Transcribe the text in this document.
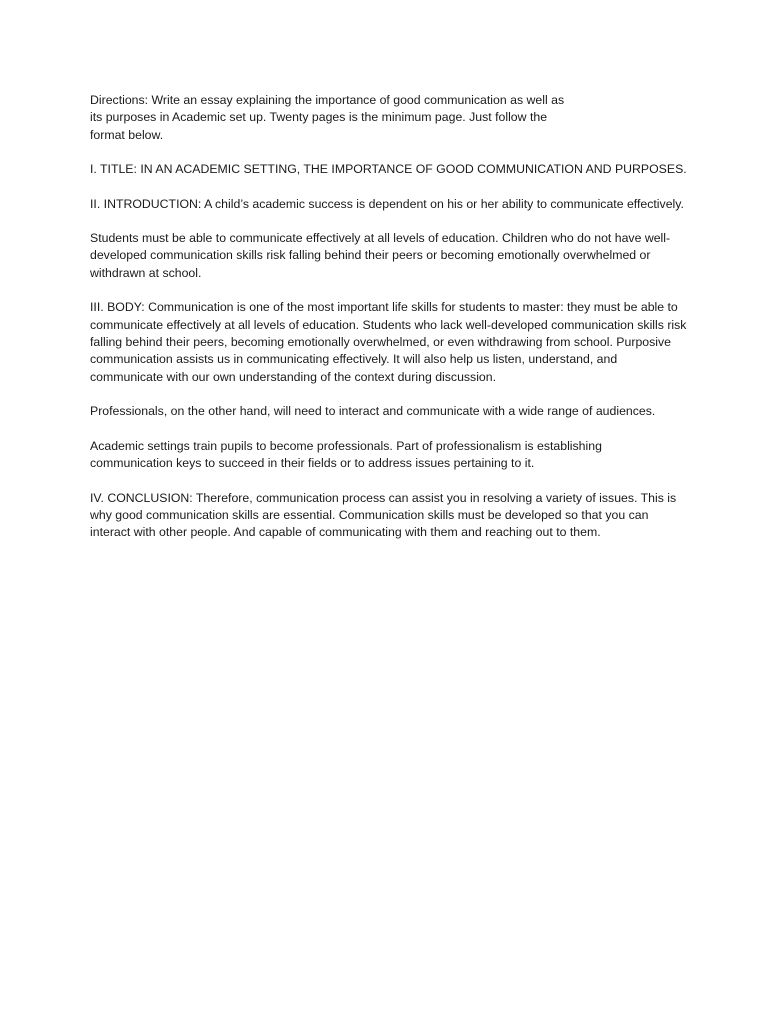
Directions: Write an essay explaining the importance of good communication as well as
its purposes in Academic set up. Twenty pages is the minimum page. Just follow the
format below.

I. TITLE: IN AN ACADEMIC SETTING, THE IMPORTANCE OF GOOD COMMUNICATION AND PURPOSES.

II. INTRODUCTION: A child’s academic success is dependent on his or her ability to communicate effectively.

Students must be able to communicate effectively at all levels of education. Children who do not have well-developed communication skills risk falling behind their peers or becoming emotionally overwhelmed or withdrawn at school.

III. BODY: Communication is one of the most important life skills for students to master: they must be able to communicate effectively at all levels of education. Students who lack well-developed communication skills risk falling behind their peers, becoming emotionally overwhelmed, or even withdrawing from school. Purposive communication assists us in communicating effectively. It will also help us listen, understand, and communicate with our own understanding of the context during discussion.

Professionals, on the other hand, will need to interact and communicate with a wide range of audiences.

Academic settings train pupils to become professionals. Part of professionalism is establishing communication keys to succeed in their fields or to address issues pertaining to it.

IV. CONCLUSION: Therefore, communication process can assist you in resolving a variety of issues. This is why good communication skills are essential. Communication skills must be developed so that you can interact with other people. And capable of communicating with them and reaching out to them.
